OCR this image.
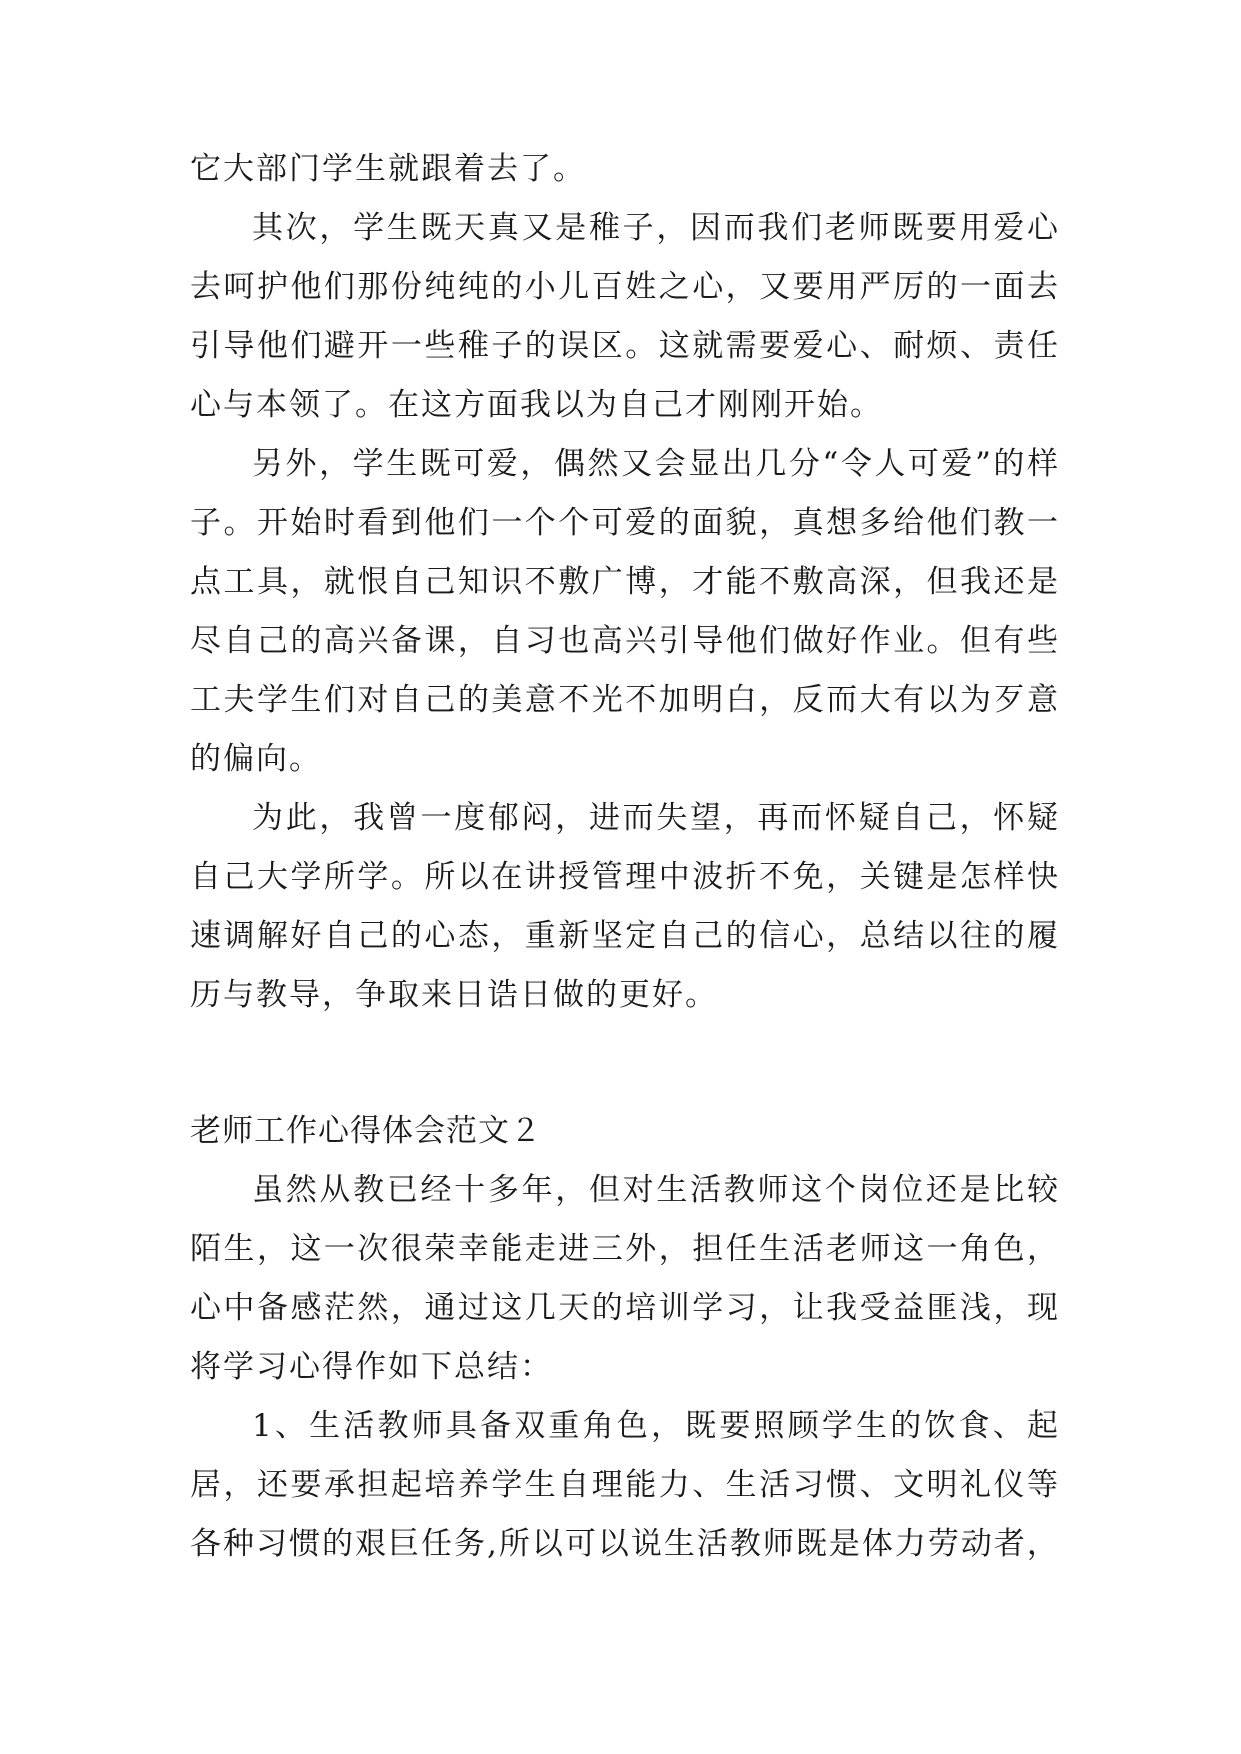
它大部门学生就跟着去了。

其次，学生既天真又是稚子，因而我们老师既要用爱心去呵护他们那份纯纯的小儿百姓之心，又要用严厉的一面去引导他们避开一些稚子的误区。这就需要爱心、耐烦、责任心与本领了。在这方面我以为自己才刚刚开始。

另外，学生既可爱，偶然又会显出几分“令人可爱”的样子。开始时看到他们一个个可爱的面貌，真想多给他们教一点工具，就恨自己知识不敷广博，才能不敷高深，但我还是尽自己的高兴备课，自习也高兴引导他们做好作业。但有些工夫学生们对自己的美意不光不加明白，反而大有以为歹意的偏向。

为此，我曾一度郁闷，进而失望，再而怀疑自己，怀疑自己大学所学。所以在讲授管理中波折不免，关键是怎样快速调解好自己的心态，重新坚定自己的信心，总结以往的履历与教导，争取来日诰日做的更好。

老师工作心得体会范文２

虽然从教已经十多年，但对生活教师这个岗位还是比较陌生，这一次很荣幸能走进三外，担任生活老师这一角色，心中备感茫然，通过这几天的培训学习，让我受益匪浅，现将学习心得作如下总结：

1、生活教师具备双重角色，既要照顾学生的饮食、起居，还要承担起培养学生自理能力、生活习惯、文明礼仪等各种习惯的艰巨任务,所以可以说生活教师既是体力劳动者，
